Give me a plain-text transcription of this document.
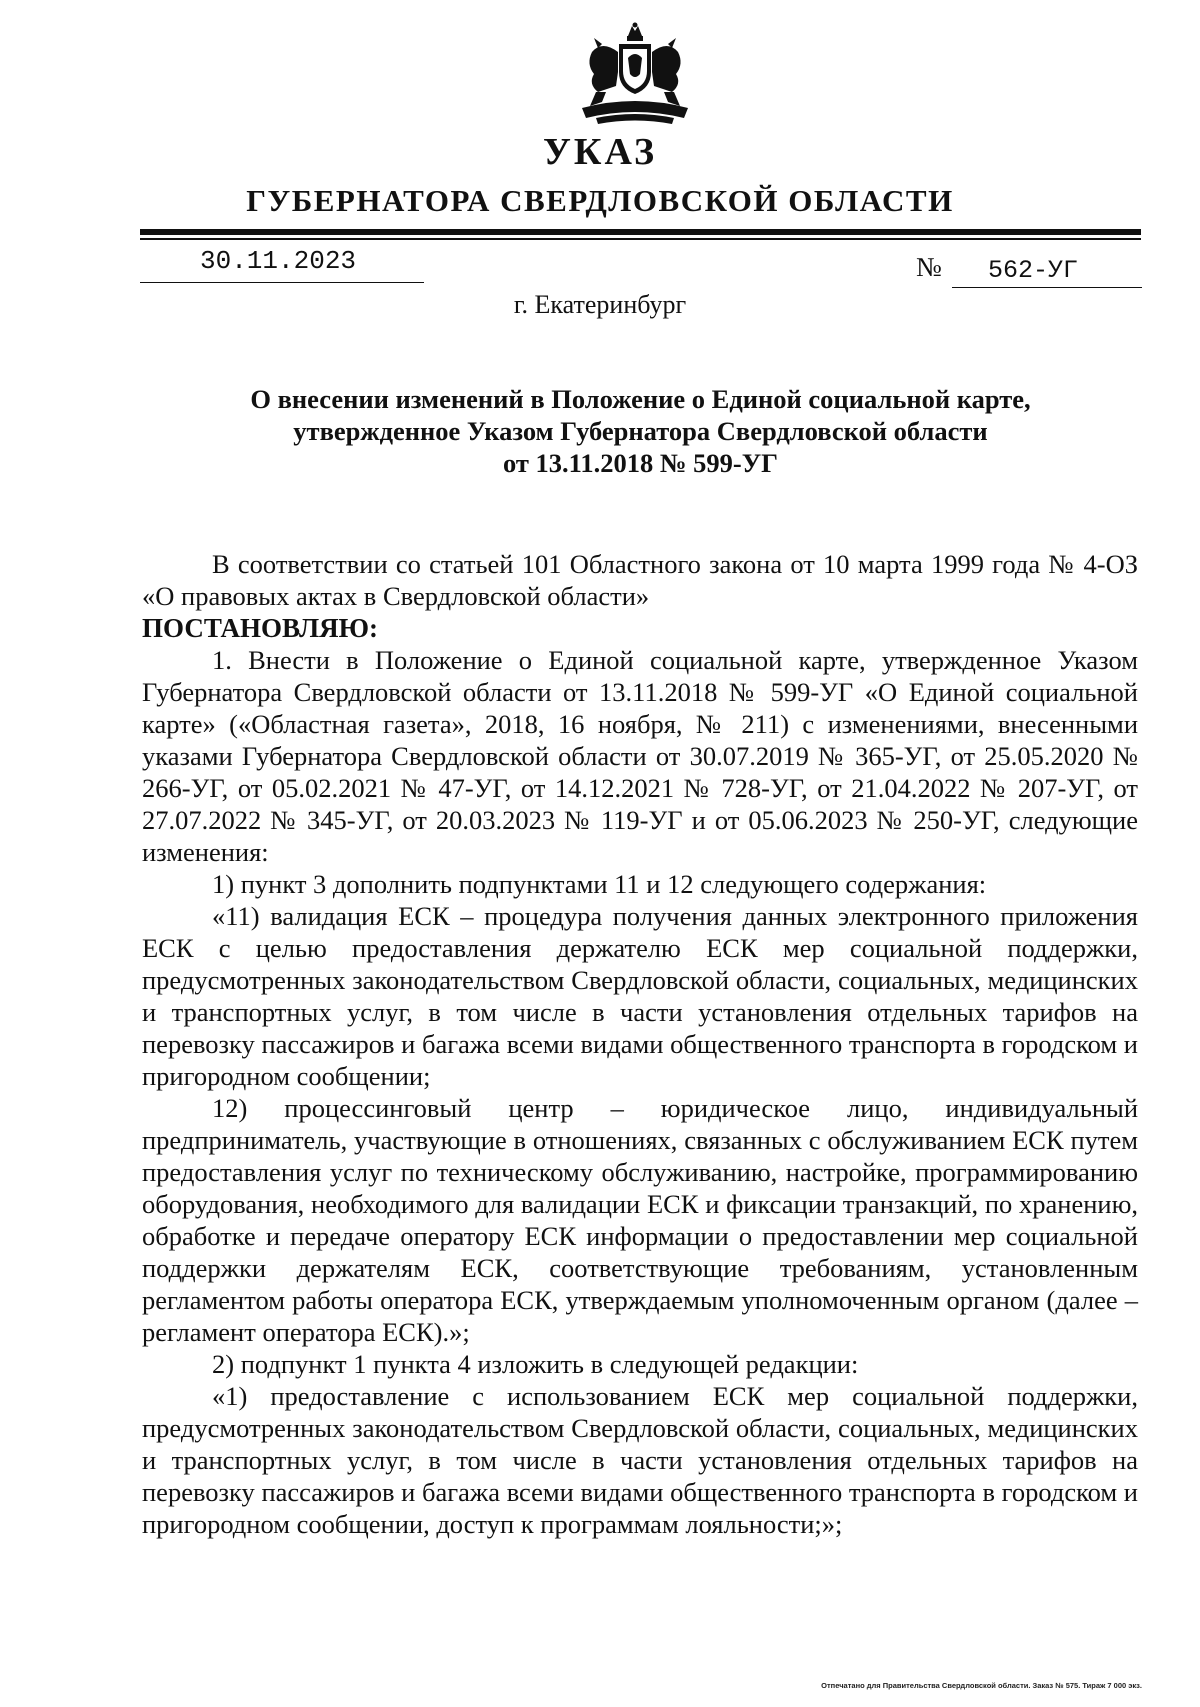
УКАЗ
ГУБЕРНАТОРА СВЕРДЛОВСКОЙ ОБЛАСТИ
30.11.2023	№ 562-УГ
г. Екатеринбург
О внесении изменений в Положение о Единой социальной карте,
утвержденное Указом Губернатора Свердловской области
от 13.11.2018 № 599-УГ

В соответствии со статьей 101 Областного закона от 10 марта 1999 года № 4-ОЗ «О правовых актах в Свердловской области»

ПОСТАНОВЛЯЮ:

1. Внести в Положение о Единой социальной карте, утвержденное Указом Губернатора Свердловской области от 13.11.2018 № 599-УГ «О Единой социальной карте» («Областная газета», 2018, 16 ноября, № 211) с изменениями, внесенными указами Губернатора Свердловской области от 30.07.2019 № 365-УГ, от 25.05.2020 № 266-УГ, от 05.02.2021 № 47-УГ, от 14.12.2021 № 728-УГ, от 21.04.2022 № 207-УГ, от 27.07.2022 № 345-УГ, от 20.03.2023 № 119-УГ и от 05.06.2023 № 250-УГ, следующие изменения:

1) пункт 3 дополнить подпунктами 11 и 12 следующего содержания:

«11) валидация ЕСК – процедура получения данных электронного приложения ЕСК с целью предоставления держателю ЕСК мер социальной поддержки, предусмотренных законодательством Свердловской области, социальных, медицинских и транспортных услуг, в том числе в части установления отдельных тарифов на перевозку пассажиров и багажа всеми видами общественного транспорта в городском и пригородном сообщении;

12) процессинговый центр – юридическое лицо, индивидуальный предприниматель, участвующие в отношениях, связанных с обслуживанием ЕСК путем предоставления услуг по техническому обслуживанию, настройке, программированию оборудования, необходимого для валидации ЕСК и фиксации транзакций, по хранению, обработке и передаче оператору ЕСК информации о предоставлении мер социальной поддержки держателям ЕСК, соответствующие требованиям, установленным регламентом работы оператора ЕСК, утверждаемым уполномоченным органом (далее – регламент оператора ЕСК).»;

2) подпункт 1 пункта 4 изложить в следующей редакции:

«1) предоставление с использованием ЕСК мер социальной поддержки, предусмотренных законодательством Свердловской области, социальных, медицинских и транспортных услуг, в том числе в части установления отдельных тарифов на перевозку пассажиров и багажа всеми видами общественного транспорта в городском и пригородном сообщении, доступ к программам лояльности;»;

Отпечатано для Правительства Свердловской области. Заказ № 575. Тираж 7 000 экз.
